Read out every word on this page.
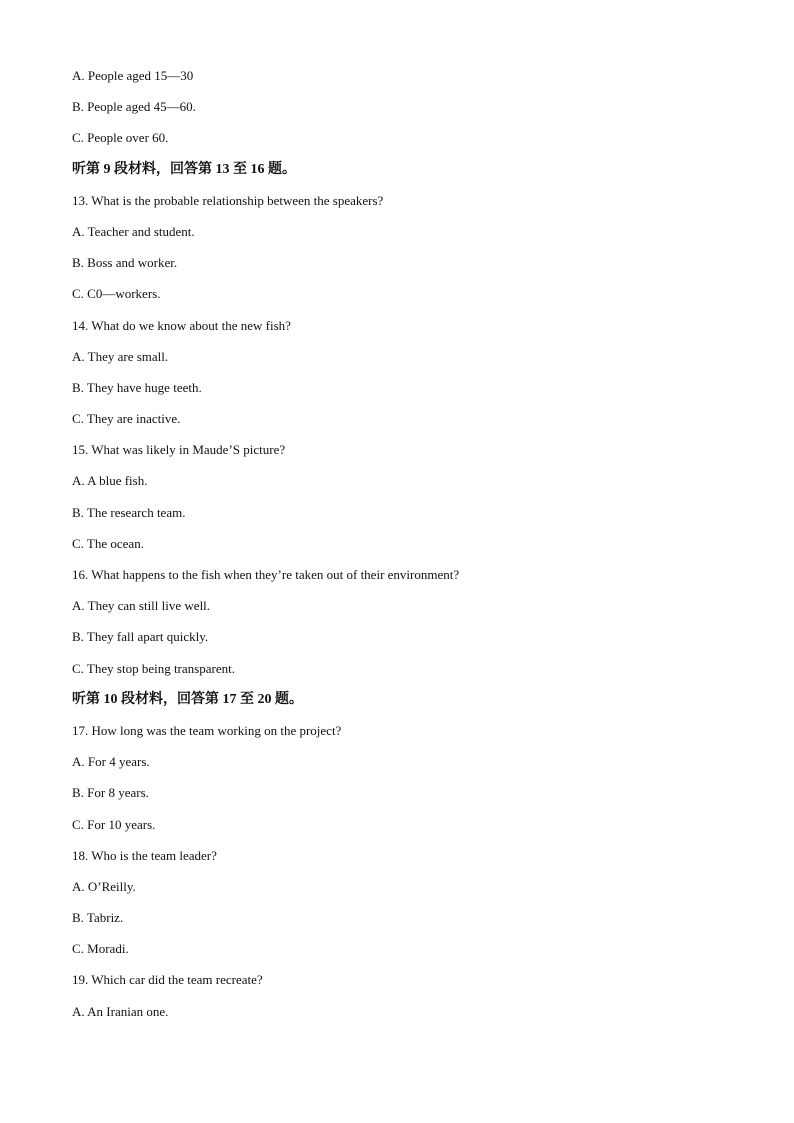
A. People aged 15—30
B. People aged 45—60.
C. People over 60.
听第 9 段材料，回答第 13 至 16 题。
13. What is the probable relationship between the speakers?
A. Teacher and student.
B. Boss and worker.
C. C0—workers.
14. What do we know about the new fish?
A. They are small.
B. They have huge teeth.
C. They are inactive.
15. What was likely in Maude’S picture?
A. A blue fish.
B. The research team.
C. The ocean.
16. What happens to the fish when they’re taken out of their environment?
A. They can still live well.
B. They fall apart quickly.
C. They stop being transparent.
听第 10 段材料，回答第 17 至 20 题。
17. How long was the team working on the project?
A. For 4 years.
B. For 8 years.
C. For 10 years.
18. Who is the team leader?
A. O’Reilly.
B. Tabriz.
C. Moradi.
19. Which car did the team recreate?
A. An Iranian one.
